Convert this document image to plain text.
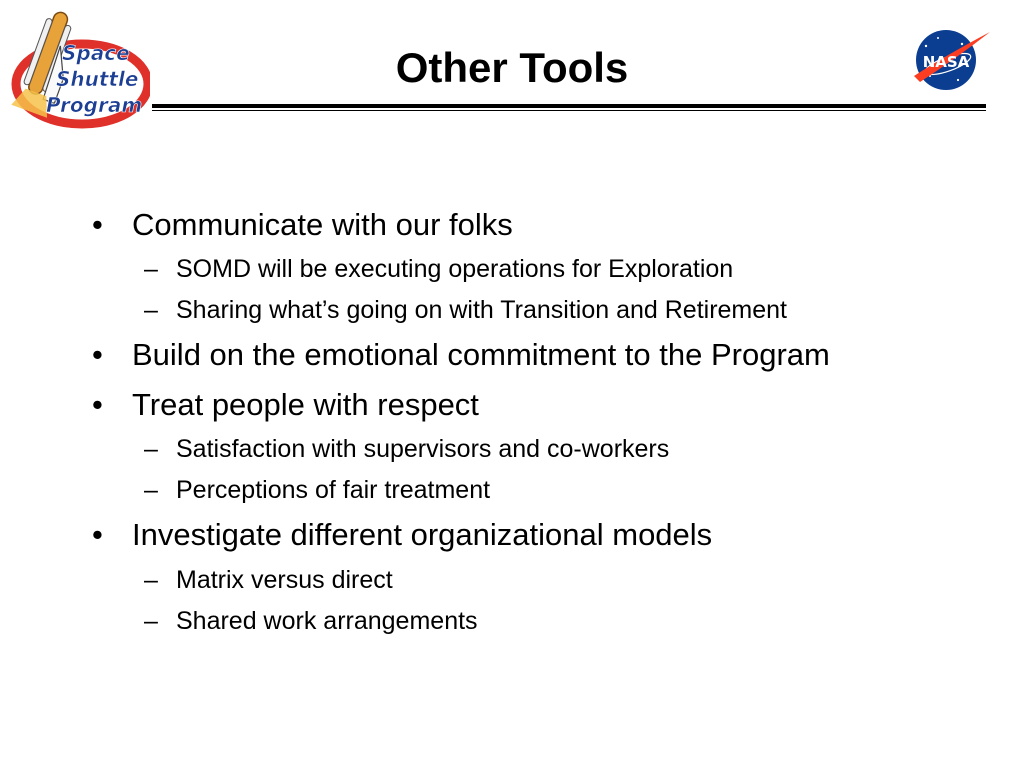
Space
Shuttle
Program
Other Tools	NASA
• Communicate with our folks
– SOMD will be executing operations for Exploration
– Sharing what’s going on with Transition and Retirement
• Build on the emotional commitment to the Program
• Treat people with respect
– Satisfaction with supervisors and co-workers
– Perceptions of fair treatment
• Investigate different organizational models
– Matrix versus direct
– Shared work arrangements
